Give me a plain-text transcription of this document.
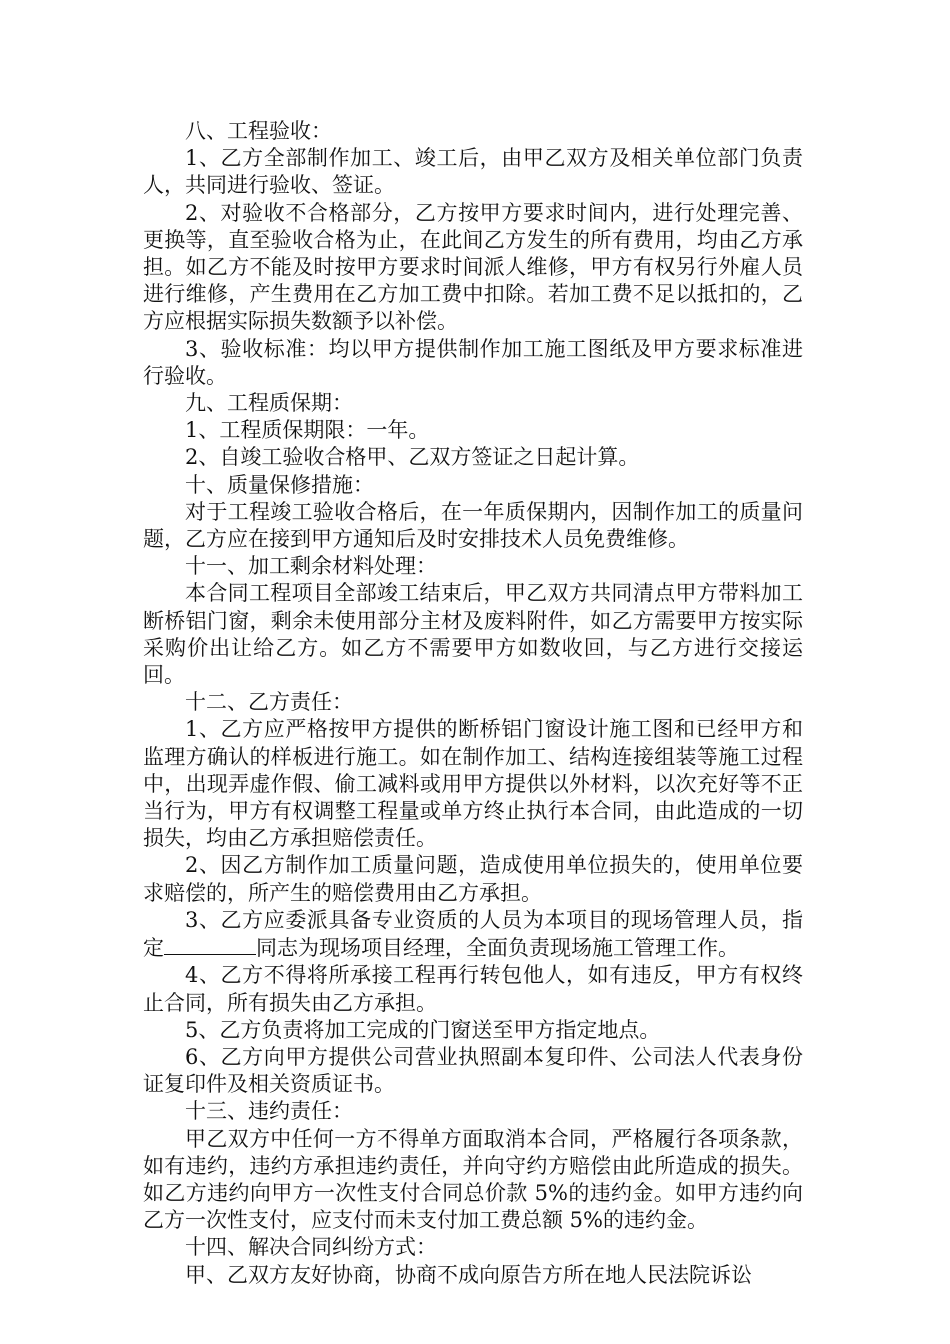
八、工程验收：

1、乙方全部制作加工、竣工后，由甲乙双方及相关单位部门负责人，共同进行验收、签证。

2、对验收不合格部分，乙方按甲方要求时间内，进行处理完善、更换等，直至验收合格为止，在此间乙方发生的所有费用，均由乙方承担。如乙方不能及时按甲方要求时间派人维修，甲方有权另行外雇人员进行维修，产生费用在乙方加工费中扣除。若加工费不足以抵扣的，乙方应根据实际损失数额予以补偿。

3、验收标准：均以甲方提供制作加工施工图纸及甲方要求标准进行验收。

九、工程质保期：

1、工程质保期限：一年。

2、自竣工验收合格甲、乙双方签证之日起计算。

十、质量保修措施：

对于工程竣工验收合格后，在一年质保期内，因制作加工的质量问题，乙方应在接到甲方通知后及时安排技术人员免费维修。

十一、加工剩余材料处理：

本合同工程项目全部竣工结束后，甲乙双方共同清点甲方带料加工断桥铝门窗，剩余未使用部分主材及废料附件，如乙方需要甲方按实际采购价出让给乙方。如乙方不需要甲方如数收回，与乙方进行交接运回。

十二、乙方责任：

1、乙方应严格按甲方提供的断桥铝门窗设计施工图和已经甲方和监理方确认的样板进行施工。如在制作加工、结构连接组装等施工过程中，出现弄虚作假、偷工减料或用甲方提供以外材料，以次充好等不正当行为，甲方有权调整工程量或单方终止执行本合同，由此造成的一切损失，均由乙方承担赔偿责任。

2、因乙方制作加工质量问题，造成使用单位损失的，使用单位要求赔偿的，所产生的赔偿费用由乙方承担。

3、乙方应委派具备专业资质的人员为本项目的现场管理人员，指定	同志为现场项目经理，全面负责现场施工管理工作。

4、乙方不得将所承接工程再行转包他人，如有违反，甲方有权终止合同，所有损失由乙方承担。

5、乙方负责将加工完成的门窗送至甲方指定地点。

6、乙方向甲方提供公司营业执照副本复印件、公司法人代表身份证复印件及相关资质证书。

十三、违约责任：

甲乙双方中任何一方不得单方面取消本合同，严格履行各项条款，如有违约，违约方承担违约责任，并向守约方赔偿由此所造成的损失。如乙方违约向甲方一次性支付合同总价款 5%的违约金。如甲方违约向乙方一次性支付，应支付而未支付加工费总额 5%的违约金。

十四、解决合同纠纷方式：

甲、乙双方友好协商，协商不成向原告方所在地人民法院诉讼
